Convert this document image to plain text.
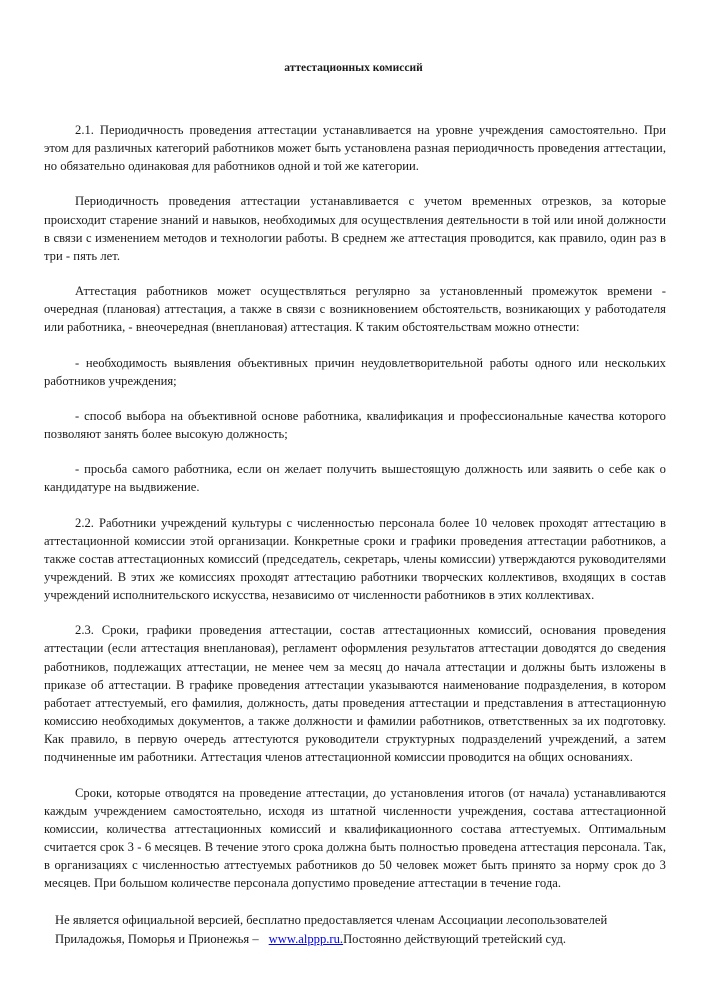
аттестационных комиссий

2.1. Периодичность проведения аттестации устанавливается на уровне учреждения самостоятельно. При этом для различных категорий работников может быть установлена разная периодичность проведения аттестации, но обязательно одинаковая для работников одной и той же категории.

Периодичность проведения аттестации устанавливается с учетом временных отрезков, за которые происходит старение знаний и навыков, необходимых для осуществления деятельности в той или иной должности в связи с изменением методов и технологии работы. В среднем же аттестация проводится, как правило, один раз в три - пять лет.

Аттестация работников может осуществляться регулярно за установленный промежуток времени - очередная (плановая) аттестация, а также в связи с возникновением обстоятельств, возникающих у работодателя или работника, - внеочередная (внеплановая) аттестация. К таким обстоятельствам можно отнести:

- необходимость выявления объективных причин неудовлетворительной работы одного или нескольких работников учреждения;

- способ выбора на объективной основе работника, квалификация и профессиональные качества которого позволяют занять более высокую должность;

- просьба самого работника, если он желает получить вышестоящую должность или заявить о себе как о кандидатуре на выдвижение.

2.2. Работники учреждений культуры с численностью персонала более 10 человек проходят аттестацию в аттестационной комиссии этой организации. Конкретные сроки и графики проведения аттестации работников, а также состав аттестационных комиссий (председатель, секретарь, члены комиссии) утверждаются руководителями учреждений. В этих же комиссиях проходят аттестацию работники творческих коллективов, входящих в состав учреждений исполнительского искусства, независимо от численности работников в этих коллективах.

2.3. Сроки, графики проведения аттестации, состав аттестационных комиссий, основания проведения аттестации (если аттестация внеплановая), регламент оформления результатов аттестации доводятся до сведения работников, подлежащих аттестации, не менее чем за месяц до начала аттестации и должны быть изложены в приказе об аттестации. В графике проведения аттестации указываются наименование подразделения, в котором работает аттестуемый, его фамилия, должность, даты проведения аттестации и представления в аттестационную комиссию необходимых документов, а также должности и фамилии работников, ответственных за их подготовку. Как правило, в первую очередь аттестуются руководители структурных подразделений учреждений, а затем подчиненные им работники. Аттестация членов аттестационной комиссии проводится на общих основаниях.

Сроки, которые отводятся на проведение аттестации, до установления итогов (от начала) устанавливаются каждым учреждением самостоятельно, исходя из штатной численности учреждения, состава аттестационной комиссии, количества аттестационных комиссий и квалификационного состава аттестуемых. Оптимальным считается срок 3 - 6 месяцев. В течение этого срока должна быть полностью проведена аттестация персонала. Так, в организациях с численностью аттестуемых работников до 50 человек может быть принято за норму срок до 3 месяцев. При большом количестве персонала допустимо проведение аттестации в течение года.

Не является официальной версией, бесплатно предоставляется членам Ассоциации лесопользователей
Приладожья, Поморья и Прионежья – www.alppp.ru.Постоянно действующий третейский суд.
